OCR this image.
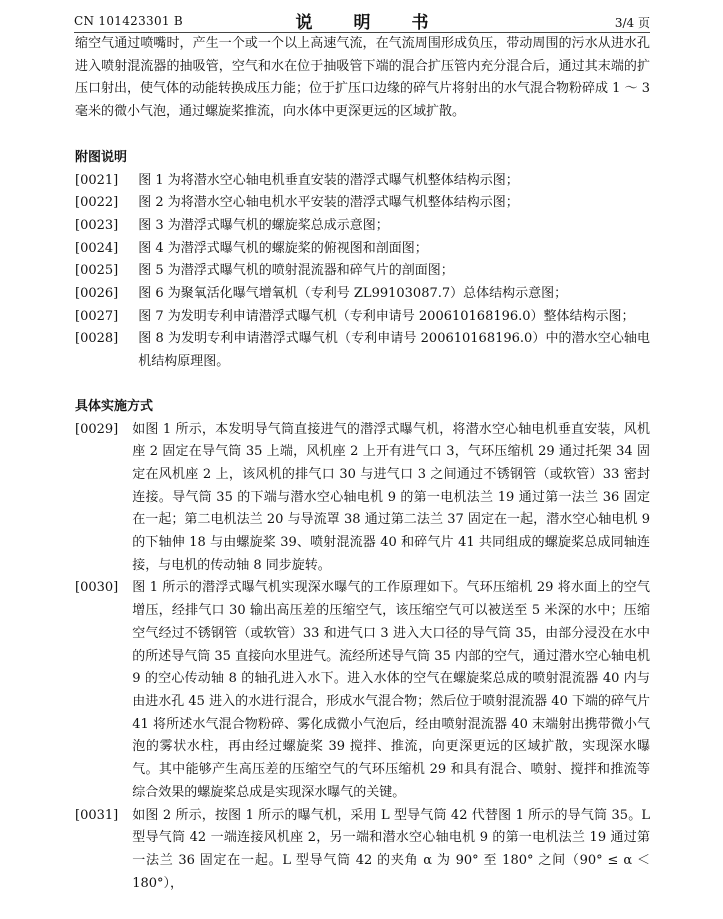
CN 101423301 B	说　明　书	3/4 页

缩空气通过喷嘴时，产生一个或一个以上高速气流，在气流周围形成负压，带动周围的污水从进水孔进入喷射混流器的抽吸管，空气和水在位于抽吸管下端的混合扩压管内充分混合后，通过其末端的扩压口射出，使气体的动能转换成压力能；位于扩压口边缘的碎气片将射出的水气混合物粉碎成 1 ～ 3 毫米的微小气泡，通过螺旋桨推流，向水体中更深更远的区域扩散。

附图说明

[0021]	图 1 为将潜水空心轴电机垂直安装的潜浮式曝气机整体结构示图；
[0022]	图 2 为将潜水空心轴电机水平安装的潜浮式曝气机整体结构示图；
[0023]	图 3 为潜浮式曝气机的螺旋桨总成示意图；
[0024]	图 4 为潜浮式曝气机的螺旋桨的俯视图和剖面图；
[0025]	图 5 为潜浮式曝气机的喷射混流器和碎气片的剖面图；
[0026]	图 6 为聚氧活化曝气增氧机（专利号 ZL99103087.7）总体结构示意图；
[0027]	图 7 为发明专利申请潜浮式曝气机（专利申请号 200610168196.0）整体结构示图；
[0028]	图 8 为发明专利申请潜浮式曝气机（专利申请号 200610168196.0）中的潜水空心轴电机结构原理图。

具体实施方式

[0029] 如图 1 所示，本发明导气筒直接进气的潜浮式曝气机，将潜水空心轴电机垂直安装，风机座 2 固定在导气筒 35 上端，风机座 2 上开有进气口 3，气环压缩机 29 通过托架 34 固定在风机座 2 上，该风机的排气口 30 与进气口 3 之间通过不锈钢管（或软管）33 密封连接。导气筒 35 的下端与潜水空心轴电机 9 的第一电机法兰 19 通过第一法兰 36 固定在一起；第二电机法兰 20 与导流罩 38 通过第二法兰 37 固定在一起，潜水空心轴电机 9 的下轴伸 18 与由螺旋桨 39、喷射混流器 40 和碎气片 41 共同组成的螺旋桨总成同轴连接，与电机的传动轴 8 同步旋转。
[0030] 图 1 所示的潜浮式曝气机实现深水曝气的工作原理如下。气环压缩机 29 将水面上的空气增压，经排气口 30 输出高压差的压缩空气，该压缩空气可以被送至 5 米深的水中；压缩空气经过不锈钢管（或软管）33 和进气口 3 进入大口径的导气筒 35，由部分浸没在水中的所述导气筒 35 直接向水里进气。流经所述导气筒 35 内部的空气，通过潜水空心轴电机 9 的空心传动轴 8 的轴孔进入水下。进入水体的空气在螺旋桨总成的喷射混流器 40 内与由进水孔 45 进入的水进行混合，形成水气混合物；然后位于喷射混流器 40 下端的碎气片 41 将所述水气混合物粉碎、雾化成微小气泡后，经由喷射混流器 40 末端射出携带微小气泡的雾状水柱，再由经过螺旋桨 39 搅拌、推流，向更深更远的区域扩散，实现深水曝气。其中能够产生高压差的压缩空气的气环压缩机 29 和具有混合、喷射、搅拌和推流等综合效果的螺旋桨总成是实现深水曝气的关键。
[0031] 如图 2 所示，按图 1 所示的曝气机，采用 L 型导气筒 42 代替图 1 所示的导气筒 35。L 型导气筒 42 一端连接风机座 2，另一端和潜水空心轴电机 9 的第一电机法兰 19 通过第一法兰 36 固定在一起。L 型导气筒 42 的夹角 α 为 90° 至 180° 之间（90° ≤ α ＜ 180°），
